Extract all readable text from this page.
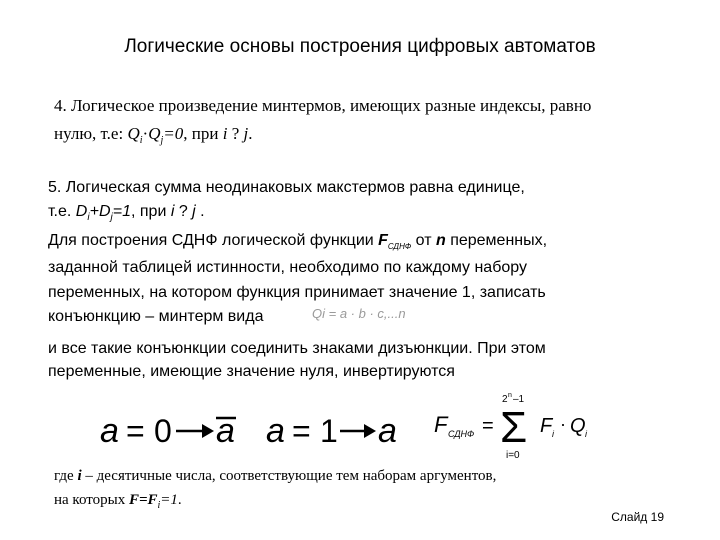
Логические основы построения цифровых автоматов
4. Логическое произведение минтермов, имеющих разные индексы, равно
нулю, т.е: $Q_i\cdot Q_j=0$, при i ? j.
5. Логическая сумма неодинаковых макстермов равна единице,
т.е. $D_i+D_j=1$, при i ? j .
Для построения СДНФ логической функции $F_{СДНФ}$ от n переменных,
заданной таблицей истинности, необходимо по каждому набору
переменных, на котором функция принимает значение 1, записать
конъюнкцию – минтерм вида	Qi = a · b · c,...n
и все такие конъюнкции соединить знаками дизъюнкции. При этом
переменные, имеющие значение нуля, инвертируются
a = 0 a a = 1 a F СДНФ =
2 n –1
Σ
i=0
F i · Q i
где i – десятичные числа, соответствующие тем наборам аргументов,
на которых $F=F_i=1$.
Слайд 19
